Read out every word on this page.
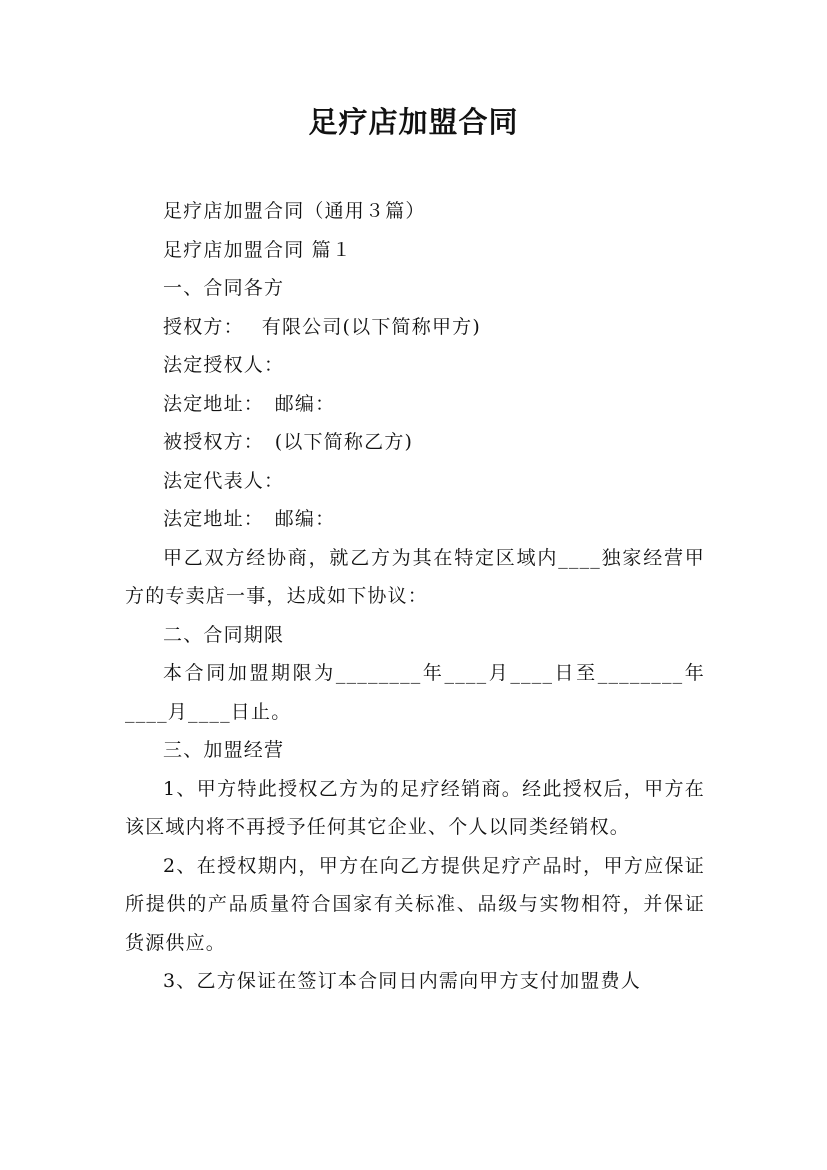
足疗店加盟合同

足疗店加盟合同（通用３篇）

足疗店加盟合同 篇１

一、合同各方

授权方：　 有限公司(以下简称甲方)

法定授权人：

法定地址：　邮编：

被授权方：　(以下简称乙方)

法定代表人：

法定地址：　邮编：

甲乙双方经协商，就乙方为其在特定区域内____独家经营甲方的专卖店一事，达成如下协议：

二、合同期限

本合同加盟期限为________年____月____日至________年____月____日止。

三、加盟经营

1、甲方特此授权乙方为的足疗经销商。经此授权后，甲方在该区域内将不再授予任何其它企业、个人以同类经销权。

2、在授权期内，甲方在向乙方提供足疗产品时，甲方应保证所提供的产品质量符合国家有关标准、品级与实物相符，并保证货源供应。

3、乙方保证在签订本合同日内需向甲方支付加盟费人
